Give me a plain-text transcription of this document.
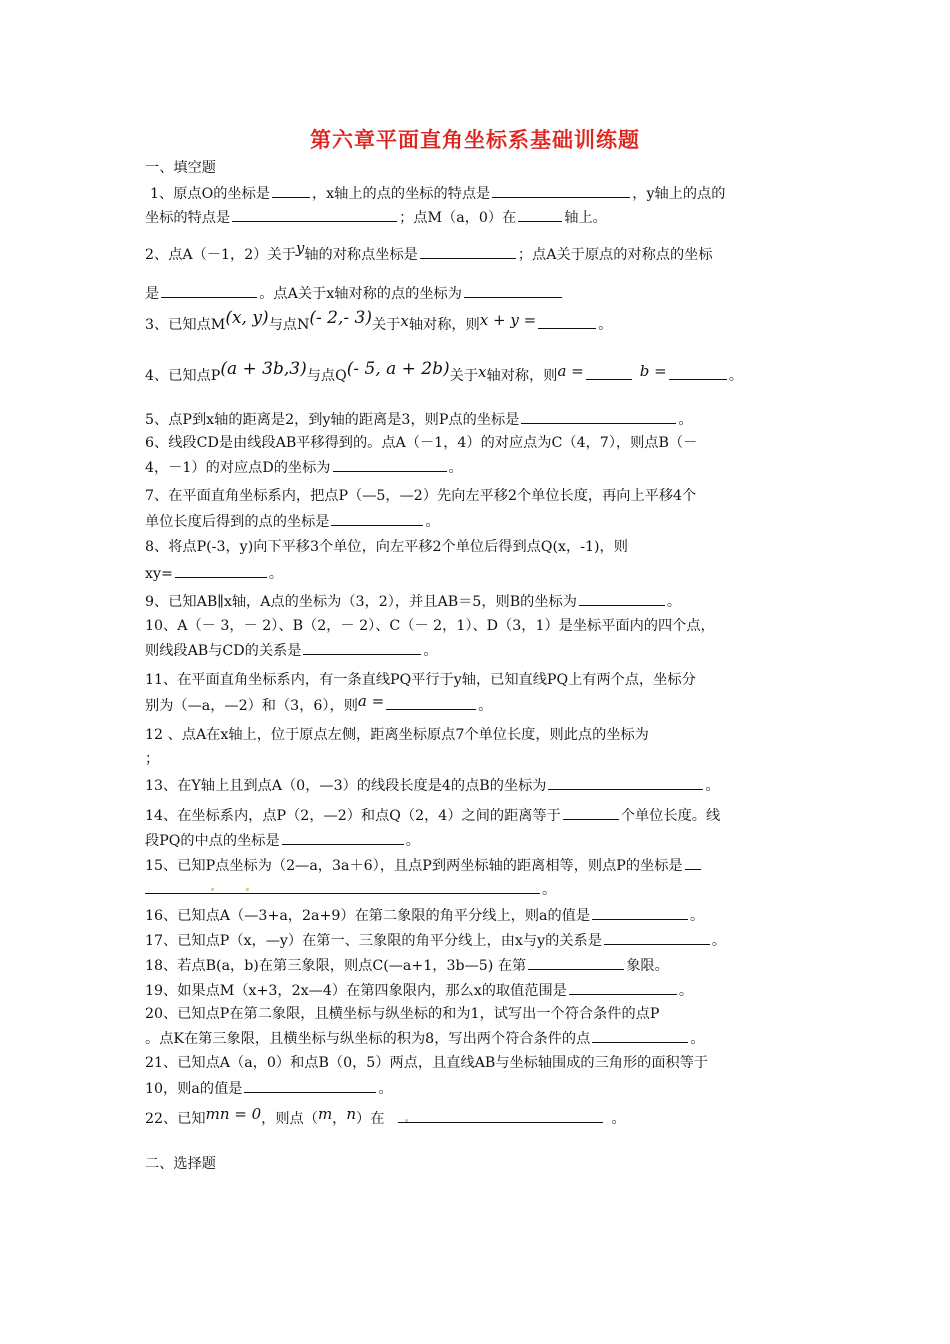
第六章平面直角坐标系基础训练题
一、填空题
1、原点O的坐标是	，x轴上的点的坐标的特点是	，y轴上的点的
坐标的特点是	；点M（a，0）在	轴上。
2、点A（－1，2）关于y轴的对称点坐标是	；点A关于原点的对称点的坐标
是	。点A关于x轴对称的点的坐标为
3、已知点M(x, y)与点N(- 2,- 3)关于x轴对称，则x + y =	。
4、已知点P(a + 3b,3)与点Q(- 5, a + 2b)关于x轴对称，则a =	b =	。
5、点P到x轴的距离是2，到y轴的距离是3，则P点的坐标是	。
6、线段CD是由线段AB平移得到的。点A（－1，4）的对应点为C（4，7），则点B（－
4，－1）的对应点D的坐标为	。
7、在平面直角坐标系内，把点P（—5，—2）先向左平移2个单位长度，再向上平移4个
单位长度后得到的点的坐标是	。
8、将点P(-3，y)向下平移3个单位，向左平移2个单位后得到点Q(x，-1)，则
xy=	。
9、已知AB∥x轴，A点的坐标为（3，2），并且AB＝5，则B的坐标为	。
10、A（－ 3，－ 2）、B（2，－ 2）、C（－ 2，1）、D（3，1）是坐标平面内的四个点，
则线段AB与CD的关系是	。
11、在平面直角坐标系内，有一条直线PQ平行于y轴，已知直线PQ上有两个点，坐标分
别为（—a，—2）和（3，6），则a =	。
12 、点A在x轴上，位于原点左侧，距离坐标原点7个单位长度，则此点的坐标为
；
13、在Y轴上且到点A（0，—3）的线段长度是4的点B的坐标为	。
14、在坐标系内，点P（2，—2）和点Q（2，4）之间的距离等于	个单位长度。线
段PQ的中点的坐标是	。
15、已知P点坐标为（2—a，3a＋6），且点P到两坐标轴的距离相等，则点P的坐标是
。
16、已知点A（—3+a，2a+9）在第二象限的角平分线上，则a的值是	。
17、已知点P（x，—y）在第一、三象限的角平分线上，由x与y的关系是	。
18、若点B(a，b)在第三象限，则点C(—a+1，3b—5) 在第	象限。
19、如果点M（x+3，2x—4）在第四象限内，那么x的取值范围是	。
20、已知点P在第二象限，且横坐标与纵坐标的和为1，试写出一个符合条件的点P
。点K在第三象限，且横坐标与纵坐标的积为8，写出两个符合条件的点	。
21、已知点A（a，0）和点B（0，5）两点，且直线AB与坐标轴围成的三角形的面积等于
10，则a的值是	。
22、已知mn = 0，则点（m，n）在	。
二、选择题
